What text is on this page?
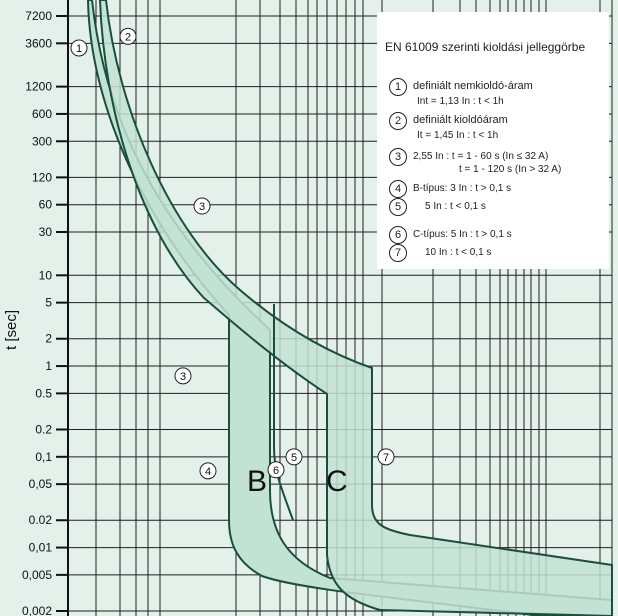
7200
3600
1200
600
300
120
60
30
10
5
2
1
0.5
0.2
0,1
0,05
0.02
0,01
0,005
0,002
1
2
3
3
4
5
6
7
t [sec]
B C
EN 61009 szerinti kioldási jelleggörbe
1 definiált nemkioldó-áram
Int = 1,13 In : t < 1h
2 definiált kioldóáram
It = 1,45 In : t < 1h
3 2,55 In : t = 1 - 60 s (In ≤ 32 A)
t = 1 - 120 s (In > 32 A)
4 B-típus: 3 In : t > 0,1 s
5 5 In : t < 0,1 s
6 C-típus: 5 In : t > 0,1 s
7 10 In : t < 0,1 s
